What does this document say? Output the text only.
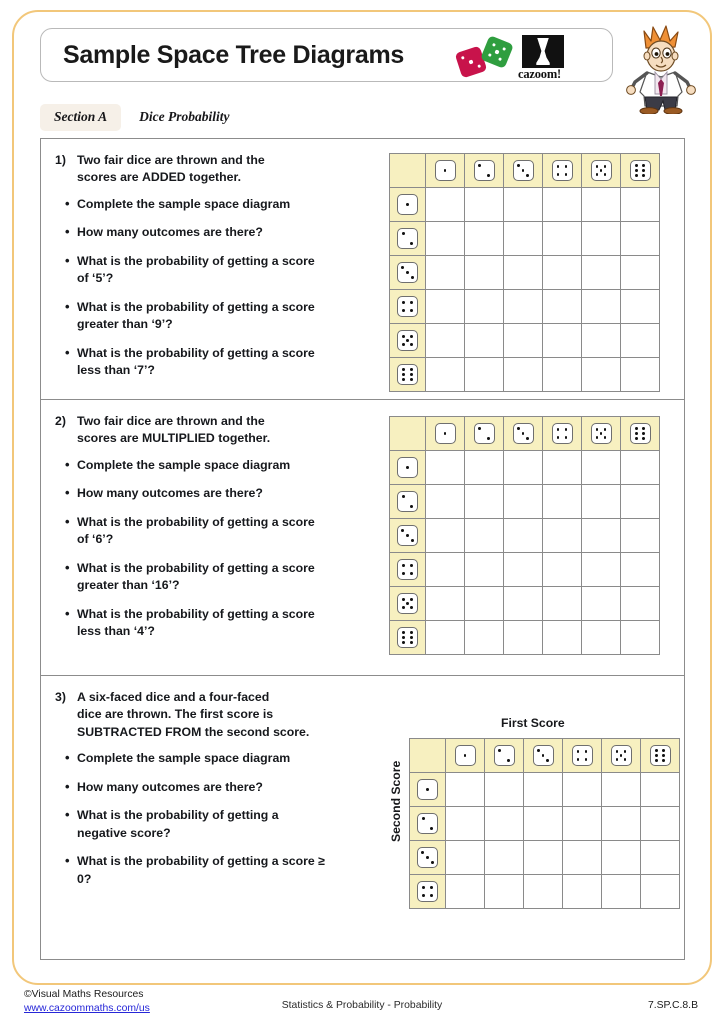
Sample Space Tree Diagrams
cazoom!
Section A	Dice Probability
1) Two fair dice are thrown and the
scores are ADDED together.
• Complete the sample space diagram
• How many outcomes are there?
• What is the probability of getting a score of ‘5’?
• What is the probability of getting a score greater than ‘9’?
• What is the probability of getting a score less than ‘7’?

2) Two fair dice are thrown and the
scores are MULTIPLIED together.
• Complete the sample space diagram
• How many outcomes are there?
• What is the probability of getting a score of ‘6’?
• What is the probability of getting a score greater than ‘16’?
• What is the probability of getting a score less than ‘4’?

3) A six-faced dice and a four-faced
dice are thrown. The first score is SUBTRACTED FROM the second score.
• Complete the sample space diagram
• How many outcomes are there?
• What is the probability of getting a negative score?
• What is the probability of getting a score ≥ 0?
First Score
Second Score

©Visual Maths Resources
www.cazoommaths.com/us	Statistics & Probability - Probability	7.SP.C.8.B
